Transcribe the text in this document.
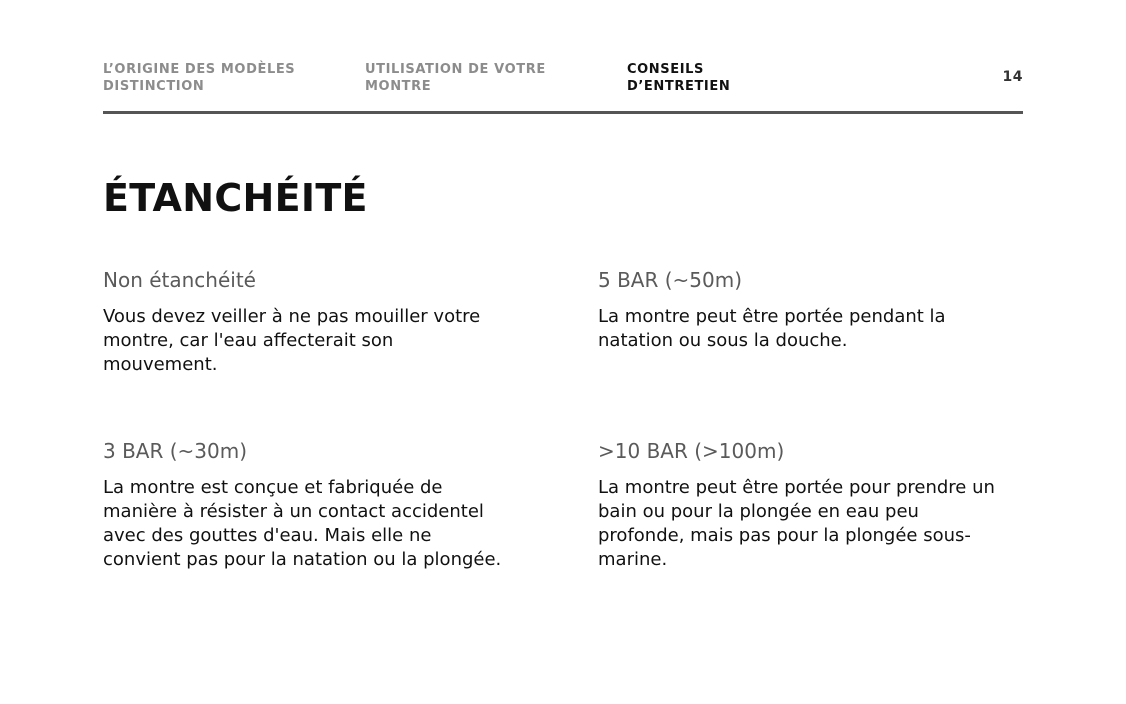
L’ORIGINE DES MODÈLES
DISTINCTION
UTILISATION DE VOTRE
MONTRE
CONSEILS
D’ENTRETIEN
14
ÉTANCHÉITÉ
Non étanchéité

Vous devez veiller à ne pas mouiller votre montre, car l'eau affecterait son mouvement.

5 BAR (~50m)

La montre peut être portée pendant la natation ou sous la douche.

3 BAR (~30m)

La montre est conçue et fabriquée de manière à résister à un contact accidentel avec des gouttes d'eau. Mais elle ne convient pas pour la natation ou la plongée.

>10 BAR (>100m)

La montre peut être portée pour prendre un bain ou pour la plongée en eau peu profonde, mais pas pour la plongée sous-marine.
